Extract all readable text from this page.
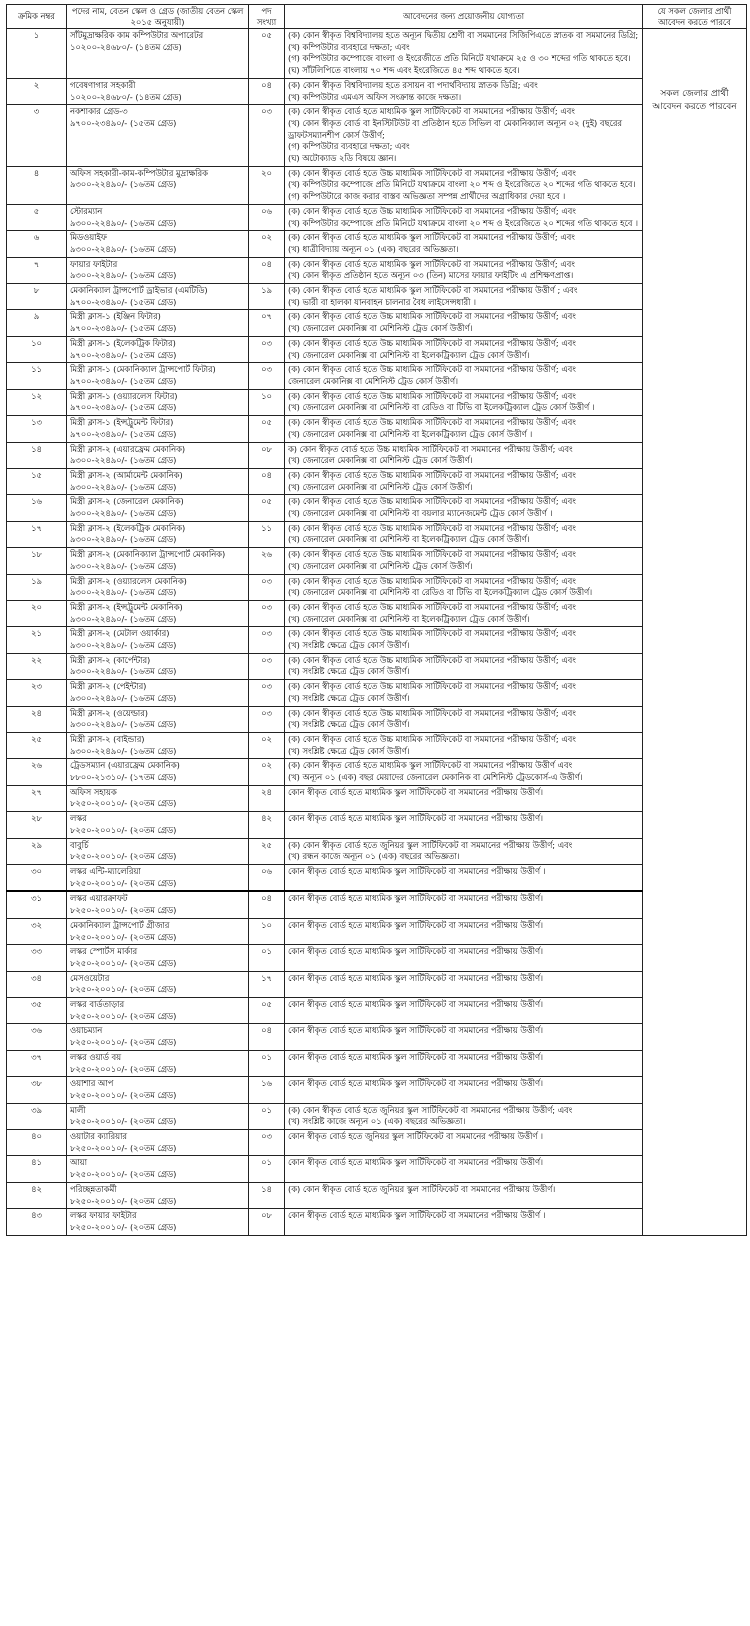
ক্রমিক নম্বর	পদের নাম, বেতন স্কেল ও গ্রেড (জাতীয় বেতন স্কেল ২০১৫ অনুযায়ী)	পদ সংখ্যা	আবেদনের জন্য প্রয়োজনীয় যোগ্যতা	যে সকল জেলার প্রার্থী আবেদন করতে পারবে
১	সাঁটমুদ্রাক্ষরিক কাম কম্পিউটার অপারেটর
১০২০০-২৪৬৮০/- (১৪তম গ্রেড)	০৫	(ক) কোন স্বীকৃত বিশ্ববিদ্যালয় হতে অন্যূন দ্বিতীয় শ্রেণী বা সমমানের সিজিপিএতে স্নাতক বা সমমানের ডিগ্রি;
(খ) কম্পিউটার ব্যবহারে দক্ষতা; এবং
(গ) কম্পিউটার কম্পোজে বাংলা ও ইংরেজীতে প্রতি মিনিটে যথাক্রমে ২৫ ও ৩০ শব্দের গতি থাকতে হবে।
(ঘ) সাঁটলিপিতে বাংলায় ৭০ শব্দ এবং ইংরেজিতে ৪৫ শব্দ থাকতে হবে।	সকল জেলার প্রার্থী আবেদন করতে পারবেন

২	গবেষণাগার সহকারী
১০২০০-২৪৬৮০/- (১৪তম গ্রেড)	০৪	(ক) কোন স্বীকৃত বিশ্ববিদ্যালয় হতে রসায়ন বা পদার্থবিদ্যায় স্নাতক ডিগ্রি; এবং
(খ) কম্পিউটার এমএস অফিস সংক্রান্ত কাজে দক্ষতা।	

৩	নকশাকার গ্রেড-৩
৯৭০০-২৩৪৯০/- (১৫তম গ্রেড)	০৩	(ক) কোন স্বীকৃত বোর্ড হতে মাধ্যমিক স্কুল সার্টিফিকেট বা সমমানের পরীক্ষায় উত্তীর্ণ; এবং
(খ) কোন স্বীকৃত বোর্ড বা ইনস্টিটিউট বা প্রতিষ্ঠান হতে সিভিল বা মেকানিক্যাল অন্যূন ০২ (দুই) বছরের ড্রাফটসম্যানশীপ কোর্স উত্তীর্ণ;
(গ) কম্পিউটার ব্যবহারে দক্ষতা; এবং
(ঘ) অটোক্যাড ২ডি বিষয়ে জ্ঞান।	

৪	অফিস সহকারী-কাম-কম্পিউটার মুদ্রাক্ষরিক
৯৩০০-২২৪৯০/- (১৬তম গ্রেড)	২০	(ক) কোন স্বীকৃত বোর্ড হতে উচ্চ মাধ্যমিক সার্টিফিকেট বা সমমানের পরীক্ষায় উত্তীর্ণ; এবং
(খ) কম্পিউটার কম্পোজে প্রতি মিনিটে যথাক্রমে বাংলা ২০ শব্দ ও ইংরেজিতে ২০ শব্দের গতি থাকতে হবে।
(গ) কম্পিউটারে কাজ করার বাস্তব অভিজ্ঞতা সম্পন্ন প্রার্থীদের অগ্রাধিকার দেয়া হবে ।	

৫	স্টোরম্যান
৯৩০০-২২৪৯০/- (১৬তম গ্রেড)	০৬	(ক) কোন স্বীকৃত বোর্ড হতে উচ্চ মাধ্যমিক সার্টিফিকেট বা সমমানের পরীক্ষায় উত্তীর্ণ; এবং
(খ) কম্পিউটার কম্পোজে প্রতি মিনিটে যথাক্রমে বাংলা ২০ শব্দ ও ইংরেজিতে ২০ শব্দের গতি থাকতে হবে ।	

৬	মিডওয়াইফ
৯৩০০-২২৪৯০/- (১৬তম গ্রেড)	০২	(ক) কোন স্বীকৃত বোর্ড হতে মাধ্যমিক স্কুল সার্টিফিকেট বা সমমানের পরীক্ষায় উত্তীর্ণ; এবং
(খ) ধাত্রীবিদ্যায় অন্যূন ০১ (এক) বছরের অভিজ্ঞতা।	

৭	ফায়ার ফাইটার
৯৩০০-২২৪৯০/- (১৬তম গ্রেড)	০৪	(ক) কোন স্বীকৃত বোর্ড হতে মাধ্যমিক স্কুল সার্টিফিকেট বা সমমানের পরীক্ষায় উত্তীর্ণ; এবং
(খ) কোন স্বীকৃত প্রতিষ্ঠান হতে অন্যূন ০৩ (তিন) মাসের ফায়ার ফাইটিং এ প্রশিক্ষণপ্রাপ্ত।	

৮	মেকানিক্যাল ট্রান্সপোর্ট ড্রাইভার (এমটিডি)
৯৭০০-২৩৪৯০/- (১৫তম গ্রেড)	১৯	(ক) কোন স্বীকৃত বোর্ড হতে মাধ্যমিক স্কুল সার্টিফিকেট বা সমমানের পরীক্ষায় উত্তীর্ণ ; এবং
(খ) ভারী বা হালকা যানবাহন চালনার বৈধ লাইসেন্সধারী ।	

৯	মিস্ত্রী ক্লাস-১ (ইঞ্জিন ফিটার)
৯৭০০-২৩৪৯০/- (১৫তম গ্রেড)	০৭	(ক) কোন স্বীকৃত বোর্ড হতে উচ্চ মাধ্যমিক সার্টিফিকেট বা সমমানের পরীক্ষায় উত্তীর্ণ; এবং
(খ) জেনারেল মেকানিক্স বা মেশিনিস্ট ট্রেড কোর্স উত্তীর্ণ।	

১০	মিস্ত্রী ক্লাস-১ (ইলেকট্রিক ফিটার)
৯৭০০-২৩৪৯০/- (১৫তম গ্রেড)	০৩	(ক) কোন স্বীকৃত বোর্ড হতে উচ্চ মাধ্যমিক সার্টিফিকেট বা সমমানের পরীক্ষায় উত্তীর্ণ; এবং
(খ) জেনারেল মেকানিক্স বা মেশিনিস্ট বা ইলেকট্রিক্যাল ট্রেড কোর্স উত্তীর্ণ।	

১১	মিস্ত্রী ক্লাস-১ (মেকানিক্যাল ট্রান্সপোর্ট ফিটার)
৯৭০০-২৩৪৯০/- (১৫তম গ্রেড)	০৩	(ক) কোন স্বীকৃত বোর্ড হতে উচ্চ মাধ্যমিক সার্টিফিকেট বা সমমানের পরীক্ষায় উত্তীর্ণ; এবং
জেনারেল মেকানিক্স বা মেশিনিস্ট ট্রেড কোর্স উত্তীর্ণ।	

১২	মিস্ত্রী ক্লাস-১ (ওয়্যারলেস ফিটার)
৯৭০০-২৩৪৯০/- (১৫তম গ্রেড)	১০	(ক) কোন স্বীকৃত বোর্ড হতে উচ্চ মাধ্যমিক সার্টিফিকেট বা সমমানের পরীক্ষায় উত্তীর্ণ; এবং
(খ) জেনারেল মেকানিক্স বা মেশিনিস্ট বা রেডিও বা টিভি বা ইলেকট্রিক্যাল ট্রেড কোর্স উত্তীর্ণ ।	

১৩	মিস্ত্রী ক্লাস-১ (ইন্সট্রুমেন্ট ফিটার)
৯৭০০-২৩৪৯০/- (১৫তম গ্রেড)	০৫	(ক) কোন স্বীকৃত বোর্ড হতে উচ্চ মাধ্যমিক সার্টিফিকেট বা সমমানের পরীক্ষায় উত্তীর্ণ; এবং
(খ) জেনারেল মেকানিক্স বা মেশিনিস্ট বা ইলেকট্রিক্যাল ট্রেড কোর্স উত্তীর্ণ ।	

১৪	মিস্ত্রী ক্লাস-২ (এয়ারফ্রেম মেকানিক)
৯৩০০-২২৪৯০/- (১৬তম গ্রেড)	০৮	ক) কোন স্বীকৃত বোর্ড হতে উচ্চ মাধ্যমিক সার্টিফিকেট বা সমমানের পরীক্ষায় উত্তীর্ণ; এবং
(খ) জেনারেল মেকানিক্স বা মেশিনিস্ট ট্রেড কোর্স উত্তীর্ণ।	

১৫	মিস্ত্রী ক্লাস-২ (আর্মামেন্ট মেকানিক)
৯৩০০-২২৪৯০/- (১৬তম গ্রেড)	০৪	(ক) কোন স্বীকৃত বোর্ড হতে উচ্চ মাধ্যমিক সার্টিফিকেট বা সমমানের পরীক্ষায় উত্তীর্ণ; এবং
(খ) জেনারেল মেকানিক্স বা মেশিনিস্ট ট্রেড কোর্স উত্তীর্ণ।	

১৬	মিস্ত্রী ক্লাস-২ (জেনারেল মেকানিক)
৯৩০০-২২৪৯০/- (১৬তম গ্রেড)	০৫	(ক) কোন স্বীকৃত বোর্ড হতে উচ্চ মাধ্যমিক সার্টিফিকেট বা সমমানের পরীক্ষায় উত্তীর্ণ; এবং
(খ) জেনারেল মেকানিক্স বা মেশিনিস্ট বা বয়লার ম্যানেজমেন্ট ট্রেড কোর্স উত্তীর্ণ ।	

১৭	মিস্ত্রী ক্লাস-২ (ইলেকট্রিক মেকানিক)
৯৩০০-২২৪৯০/- (১৬তম গ্রেড)	১১	(ক) কোন স্বীকৃত বোর্ড হতে উচ্চ মাধ্যমিক সার্টিফিকেট বা সমমানের পরীক্ষায় উত্তীর্ণ; এবং
(খ) জেনারেল মেকানিক্স বা মেশিনিস্ট বা ইলেকট্রিক্যাল ট্রেড কোর্স উত্তীর্ণ।	

১৮	মিস্ত্রী ক্লাস-২ (মেকানিক্যাল ট্রান্সপোর্ট মেকানিক)
৯৩০০-২২৪৯০/- (১৬তম গ্রেড)	২৬	(ক) কোন স্বীকৃত বোর্ড হতে উচ্চ মাধ্যমিক সার্টিফিকেট বা সমমানের পরীক্ষায় উত্তীর্ণ; এবং
(খ) জেনারেল মেকানিক্স বা মেশিনিস্ট ট্রেড কোর্স উত্তীর্ণ।	

১৯	মিস্ত্রী ক্লাস-২ (ওয়্যারলেস মেকানিক)
৯৩০০-২২৪৯০/- (১৬তম গ্রেড)	০৩	(ক) কোন স্বীকৃত বোর্ড হতে উচ্চ মাধ্যমিক সার্টিফিকেট বা সমমানের পরীক্ষায় উত্তীর্ণ; এবং
(খ) জেনারেল মেকানিক্স বা মেশিনিস্ট বা রেডিও বা টিভি বা ইলেকট্রিক্যাল ট্রেড কোর্স উত্তীর্ণ।	

২০	মিস্ত্রী ক্লাস-২ (ইন্সট্রুমেন্ট মেকানিক)
৯৩০০-২২৪৯০/- (১৬তম গ্রেড)	০৩	(ক) কোন স্বীকৃত বোর্ড হতে উচ্চ মাধ্যমিক সার্টিফিকেট বা সমমানের পরীক্ষায় উত্তীর্ণ; এবং
(খ) জেনারেল মেকানিক্স বা মেশিনিস্ট বা ইলেকট্রিক্যাল ট্রেড কোর্স উত্তীর্ণ।	

২১	মিস্ত্রী ক্লাস-২ (মেটাল ওয়ার্কার)
৯৩০০-২২৪৯০/- (১৬তম গ্রেড)	০৩	(ক) কোন স্বীকৃত বোর্ড হতে উচ্চ মাধ্যমিক সার্টিফিকেট বা সমমানের পরীক্ষায় উত্তীর্ণ; এবং
(খ) সংশ্লিষ্ট ক্ষেত্রে ট্রেড কোর্স উত্তীর্ণ।	

২২	মিস্ত্রী ক্লাস-২ (কার্পেন্টার)
৯৩০০-২২৪৯০/- (১৬তম গ্রেড)	০৩	(ক) কোন স্বীকৃত বোর্ড হতে উচ্চ মাধ্যমিক সার্টিফিকেট বা সমমানের পরীক্ষায় উত্তীর্ণ; এবং
(খ) সংশ্লিষ্ট ক্ষেত্রে ট্রেড কোর্স উত্তীর্ণ।	

২৩	মিস্ত্রী ক্লাস-২ (পেইন্টার)
৯৩০০-২২৪৯০/- (১৬তম গ্রেড)	০৩	(ক) কোন স্বীকৃত বোর্ড হতে উচ্চ মাধ্যমিক সার্টিফিকেট বা সমমানের পরীক্ষায় উত্তীর্ণ; এবং
(খ) সংশ্লিষ্ট ক্ষেত্রে ট্রেড কোর্স উত্তীর্ণ।	

২৪	মিস্ত্রী ক্লাস-২ (ওয়েল্ডার)
৯৩০০-২২৪৯০/- (১৬তম গ্রেড)	০৩	(ক) কোন স্বীকৃত বোর্ড হতে উচ্চ মাধ্যমিক সার্টিফিকেট বা সমমানের পরীক্ষায় উত্তীর্ণ; এবং
(খ) সংশ্লিষ্ট ক্ষেত্রে ট্রেড কোর্স উত্তীর্ণ।	

২৫	মিস্ত্রী ক্লাস-২ (বাইন্ডার)
৯৩০০-২২৪৯০/- (১৬তম গ্রেড)	০২	(ক) কোন স্বীকৃত বোর্ড হতে উচ্চ মাধ্যমিক সার্টিফিকেট বা সমমানের পরীক্ষায় উত্তীর্ণ; এবং
(খ) সংশ্লিষ্ট ক্ষেত্রে ট্রেড কোর্স উত্তীর্ণ।	

২৬	ট্রেডসম্যান (এয়ারফ্রেম মেকানিক)
৮৮০০-২১৩১০/- (১৭তম গ্রেড)	০২	(ক) কোন স্বীকৃত বোর্ড হতে মাধ্যমিক স্কুল সার্টিফিকেট বা সমমানের পরীক্ষায় উত্তীর্ণ এবং
(খ) অন্যূন ০১ (এক) বছর মেয়াদের জেনারেল মেকানিক বা মেশিনিস্ট ট্রেডকোর্স-এ উত্তীর্ণ।	

২৭	অফিস সহায়ক
৮২৫০-২০০১০/- (২০তম গ্রেড)	২৪	কোন স্বীকৃত বোর্ড হতে মাধ্যমিক স্কুল সার্টিফিকেট বা সমমানের পরীক্ষায় উত্তীর্ণ।	

২৮	লস্কর
৮২৫০-২০০১০/- (২০তম গ্রেড)	৪২	কোন স্বীকৃত বোর্ড হতে মাধ্যমিক স্কুল সার্টিফিকেট বা সমমানের পরীক্ষায় উত্তীর্ণ।	

২৯	বাবুর্চি
৮২৫০-২০০১০/- (২০তম গ্রেড)	২৫	(ক) কোন স্বীকৃত বোর্ড হতে জুনিয়র স্কুল সার্টিফিকেট বা সমমানের পরীক্ষায় উত্তীর্ণ; এবং
(খ) রন্ধন কাজে অন্যূন ০১ (এক) বছরের অভিজ্ঞতা।	

৩০	লস্কর এন্টি-ম্যালেরিয়া
৮২৫০-২০০১০/- (২০তম গ্রেড)	০৬	কোন স্বীকৃত বোর্ড হতে মাধ্যমিক স্কুল সার্টিফিকেট বা সমমানের পরীক্ষায় উত্তীর্ণ ।	

৩১	লস্কর এয়ারক্রাফট
৮২৫০-২০০১০/- (২০তম গ্রেড)	০৪	কোন স্বীকৃত বোর্ড হতে মাধ্যমিক স্কুল সার্টিফিকেট বা সমমানের পরীক্ষায় উত্তীর্ণ।	

৩২	মেকানিক্যাল ট্রান্সপোর্ট গ্রীজার
৮২৫০-২০০১০/- (২০তম গ্রেড)	১০	কোন স্বীকৃত বোর্ড হতে মাধ্যমিক স্কুল সার্টিফিকেট বা সমমানের পরীক্ষায় উত্তীর্ণ।	

৩৩	লস্কর স্পোর্টস মার্কার
৮২৫০-২০০১০/- (২০তম গ্রেড)	০১	কোন স্বীকৃত বোর্ড হতে মাধ্যমিক স্কুল সার্টিফিকেট বা সমমানের পরীক্ষায় উত্তীর্ণ।	

৩৪	মেসওয়েটার
৮২৫০-২০০১০/- (২০তম গ্রেড)	১৭	কোন স্বীকৃত বোর্ড হতে মাধ্যমিক স্কুল সার্টিফিকেট বা সমমানের পরীক্ষায় উত্তীর্ণ।	

৩৫	লস্কর বার্ডতাড়ার
৮২৫০-২০০১০/- (২০তম গ্রেড)	০৫	কোন স্বীকৃত বোর্ড হতে মাধ্যমিক স্কুল সার্টিফিকেট বা সমমানের পরীক্ষায় উত্তীর্ণ।	

৩৬	ওয়াচম্যান
৮২৫০-২০০১০/- (২০তম গ্রেড)	০৪	কোন স্বীকৃত বোর্ড হতে মাধ্যমিক স্কুল সার্টিফিকেট বা সমমানের পরীক্ষায় উত্তীর্ণ।	

৩৭	লস্কর ওয়ার্ড বয়
৮২৫০-২০০১০/- (২০তম গ্রেড)	০১	কোন স্বীকৃত বোর্ড হতে মাধ্যমিক স্কুল সার্টিফিকেট বা সমমানের পরীক্ষায় উত্তীর্ণ।	

৩৮	ওয়াশার আপ
৮২৫০-২০০১০/- (২০তম গ্রেড)	১৬	কোন স্বীকৃত বোর্ড হতে মাধ্যমিক স্কুল সার্টিফিকেট বা সমমানের পরীক্ষায় উত্তীর্ণ।	

৩৯	মালী
৮২৫০-২০০১০/- (২০তম গ্রেড)	০১	(ক) কোন স্বীকৃত বোর্ড হতে জুনিয়র স্কুল সার্টিফিকেট বা সমমানের পরীক্ষায় উত্তীর্ণ; এবং
(খ) সংশ্লিষ্ট কাজে অন্যূন ০১ (এক) বছরের অভিজ্ঞতা।	

৪০	ওয়াটার ক্যারিয়ার
৮২৫০-২০০১০/- (২০তম গ্রেড)	০৩	কোন স্বীকৃত বোর্ড হতে জুনিয়র স্কুল সার্টিফিকেট বা সমমানের পরীক্ষায় উত্তীর্ণ ।	

৪১	আয়া
৮২৫০-২০০১০/- (২০তম গ্রেড)	০১	কোন স্বীকৃত বোর্ড হতে মাধ্যমিক স্কুল সার্টিফিকেট বা সমমানের পরীক্ষায় উত্তীর্ণ।	

৪২	পরিচ্ছন্নতাকর্মী
৮২৫০-২০০১০/- (২০তম গ্রেড)	১৪	(ক) কোন স্বীকৃত বোর্ড হতে জুনিয়র স্কুল সার্টিফিকেট বা সমমানের পরীক্ষায় উত্তীর্ণ।	

৪৩	লস্কর ফায়ার ফাইটার
৮২৫০-২০০১০/- (২০তম গ্রেড)	০৮	কোন স্বীকৃত বোর্ড হতে মাধ্যমিক স্কুল সার্টিফিকেট বা সমমানের পরীক্ষায় উত্তীর্ণ ।	
